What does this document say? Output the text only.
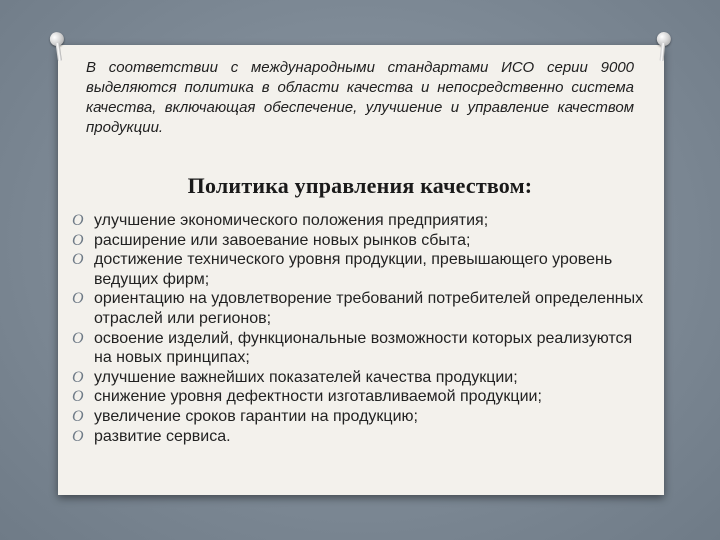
В соответствии с международными стандартами ИСО серии 9000 выделяются политика в области качества и непосредственно система качества, включающая обеспечение, улучшение и управление качеством продукции.
Политика управления качеством:
O улучшение экономического положения предприятия;
O расширение или завоевание новых рынков сбыта;
O достижение технического уровня продукции, превышающего уровень ведущих фирм;
O ориентацию на удовлетворение требований потребителей определенных отраслей или регионов;
O освоение изделий, функциональные возможности которых реализуются на новых принципах;
O улучшение важнейших показателей качества продукции;
O снижение уровня дефектности изготавливаемой продукции;
O увеличение сроков гарантии на продукцию;
O развитие сервиса.
